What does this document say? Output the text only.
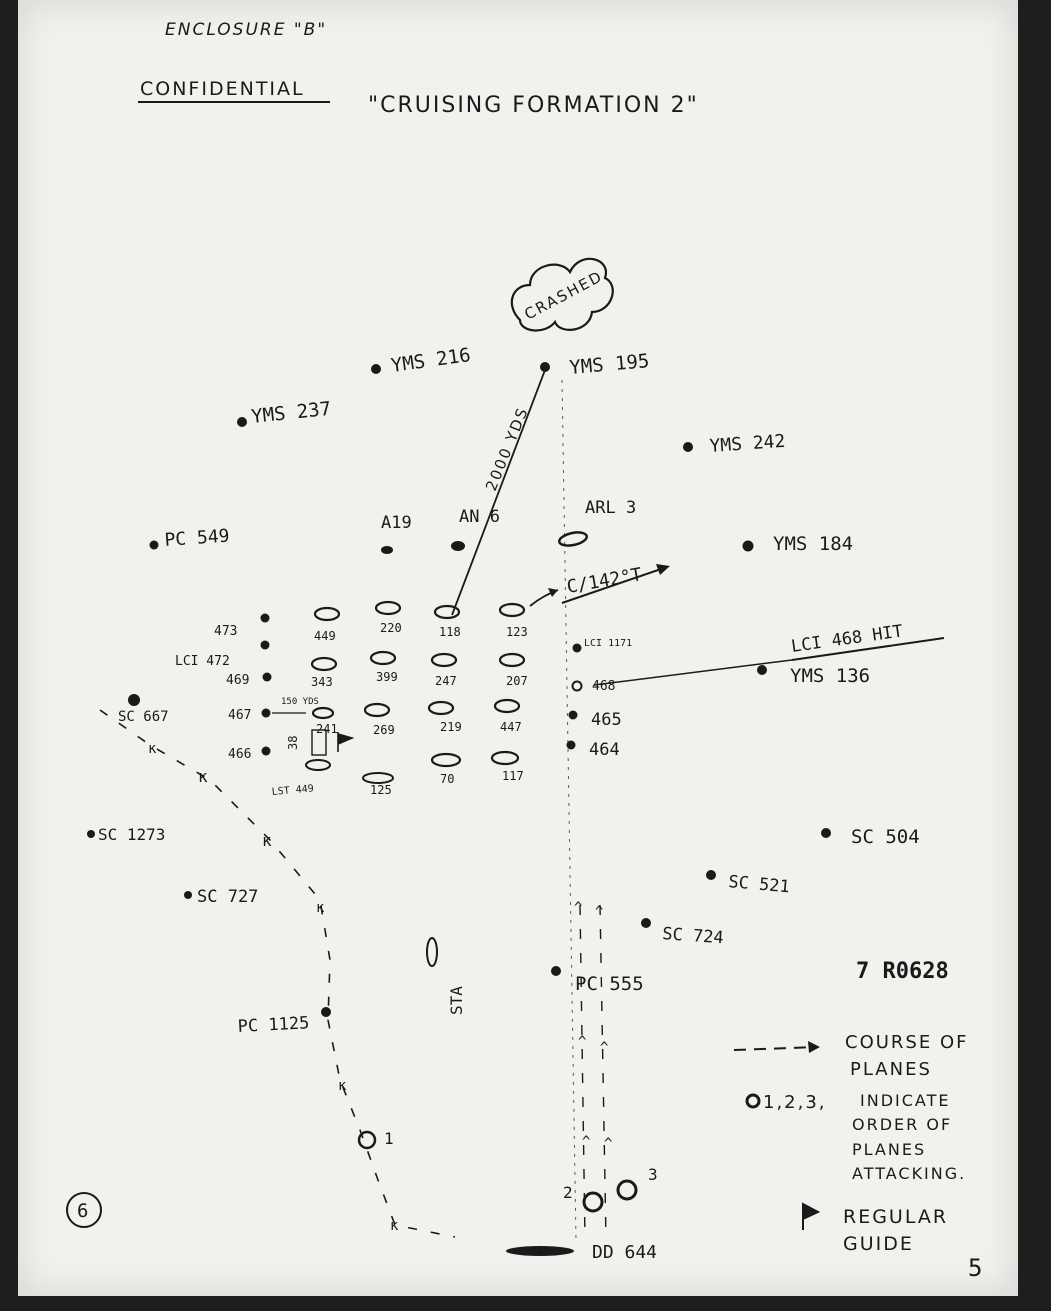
ENCLOSURE "B"
CONFIDENTIAL
"CRUISING FORMATION 2"
CRASHED
2000 YDS
YMS 216	YMS 195
YMS 237
YMS 242
PC 549
A19	AN 6	ARL 3
YMS 184
C/142°T
LCI 468 HIT
YMS 136
473
LCI 472
469
467
466
150 YDS
449
343
241
38
LST 449
220
399
269
125
118
247
219
70
123
207
447
117
LCI 1171
468
465
464
SC 667
κ
κ
κ
κ
κ
κ
1
^ ^
^ ^
^ ^
2
3
DD 644
SC 1273
SC 727
SC 504
SC 521
SC 724
PC 555
PC 1125
STA
7 R0628
COURSE OF
PLANES
1,2,3, INDICATE
ORDER OF
PLANES
ATTACKING.
REGULAR
GUIDE
6
5
